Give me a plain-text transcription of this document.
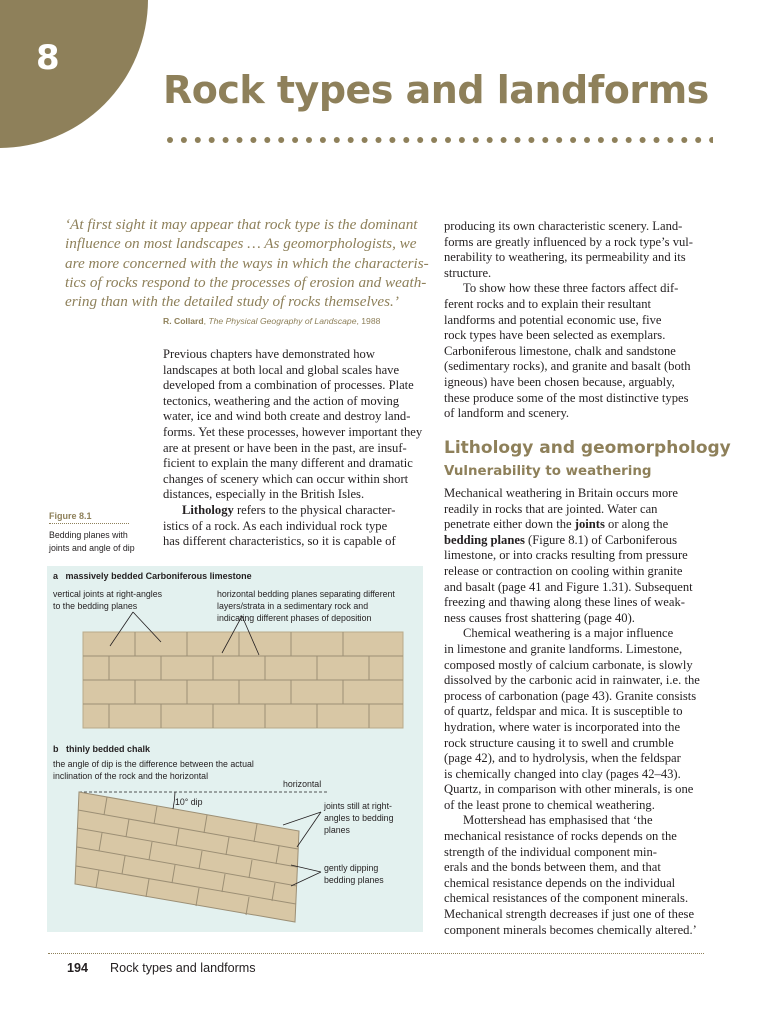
8
Rock types and landforms
‘At first sight it may appear that rock type is the dominant
influence on most landscapes … As geomorphologists, we
are more concerned with the ways in which the characteris-
tics of rocks respond to the processes of erosion and weath-
ering than with the detailed study of rocks themselves.’
R. Collard, The Physical Geography of Landscape, 1988
Previous chapters have demonstrated how
landscapes at both local and global scales have
developed from a combination of processes. Plate
tectonics, weathering and the action of moving
water, ice and wind both create and destroy land-
forms. Yet these processes, however important they
are at present or have been in the past, are insuf-
ficient to explain the many different and dramatic
changes of scenery which can occur within short
distances, especially in the British Isles.
Lithology refers to the physical character-
istics of a rock. As each individual rock type
has different characteristics, so it is capable of
producing its own characteristic scenery. Land-
forms are greatly influenced by a rock type’s vul-
nerability to weathering, its permeability and its
structure.
To show how these three factors affect dif-
ferent rocks and to explain their resultant
landforms and potential economic use, five
rock types have been selected as exemplars.
Carboniferous limestone, chalk and sandstone
(sedimentary rocks), and granite and basalt (both
igneous) have been chosen because, arguably,
these produce some of the most distinctive types
of landform and scenery.
Lithology and geomorphology
Vulnerability to weathering
Mechanical weathering in Britain occurs more
readily in rocks that are jointed. Water can
penetrate either down the joints or along the
bedding planes (Figure 8.1) of Carboniferous
limestone, or into cracks resulting from pressure
release or contraction on cooling within granite
and basalt (page 41 and Figure 1.31). Subsequent
freezing and thawing along these lines of weak-
ness causes frost shattering (page 40).
Chemical weathering is a major influence
in limestone and granite landforms. Limestone,
composed mostly of calcium carbonate, is slowly
dissolved by the carbonic acid in rainwater, i.e. the
process of carbonation (page 43). Granite consists
of quartz, feldspar and mica. It is susceptible to
hydration, where water is incorporated into the
rock structure causing it to swell and crumble
(page 42), and to hydrolysis, when the feldspar
is chemically changed into clay (pages 42–43).
Quartz, in comparison with other minerals, is one
of the least prone to chemical weathering.
Mottershead has emphasised that ‘the
mechanical resistance of rocks depends on the
strength of the individual component min-
erals and the bonds between them, and that
chemical resistance depends on the individual
chemical resistances of the component minerals.
Mechanical strength decreases if just one of these
component minerals becomes chemically altered.’
Figure 8.1
Bedding planes with
joints and angle of dip
a massively bedded Carboniferous limestone
vertical joints at right-angles
to the bedding planes
horizontal bedding planes separating different
layers/strata in a sedimentary rock and
indicating different phases of deposition
b thinly bedded chalk
the angle of dip is the difference between the actual
inclination of the rock and the horizontal
horizontal
10° dip	joints still at right-
angles to bedding
planes
gently dipping
bedding planes
194 Rock types and landforms
